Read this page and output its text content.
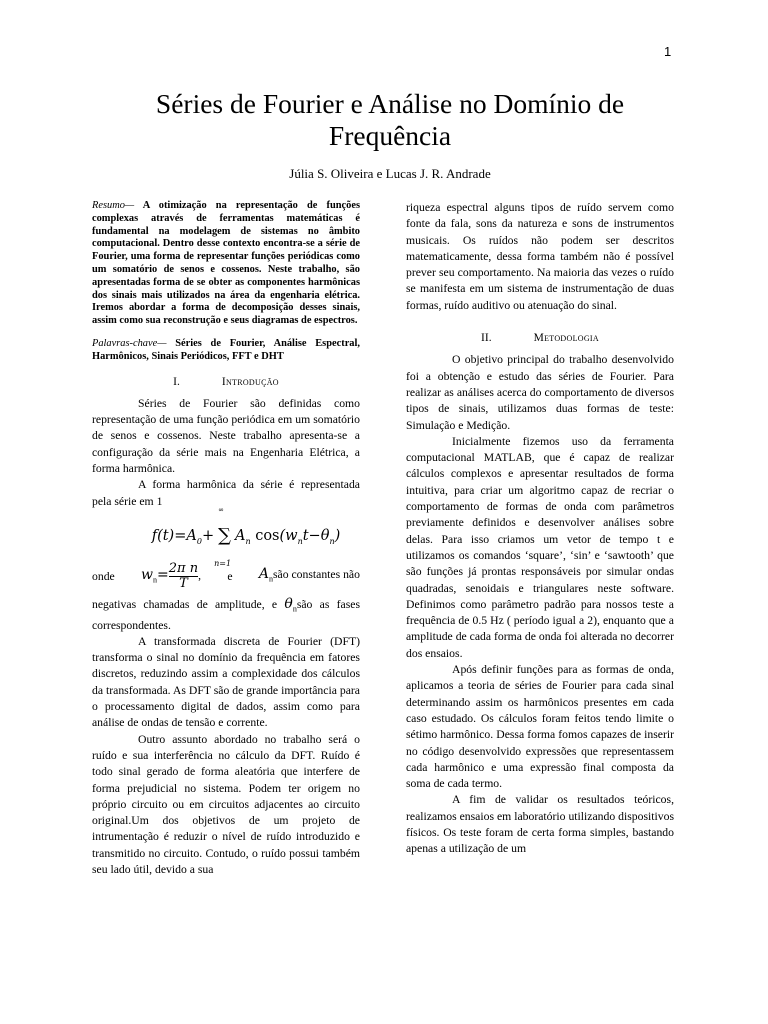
1
Séries de Fourier e Análise no Domínio de Frequência
Júlia S. Oliveira e Lucas J. R. Andrade

Resumo— A otimização na representação de funções complexas através de ferramentas matemáticas é fundamental na modelagem de sistemas no âmbito computacional. Dentro desse contexto encontra-se a série de Fourier, uma forma de representar funções periódicas como um somatório de senos e cossenos. Neste trabalho, são apresentadas forma de se obter as componentes harmônicas dos sinais mais utilizados na área da engenharia elétrica. Iremos abordar a forma de decomposição desses sinais, assim como sua reconstrução e seus diagramas de espectros.

Palavras-chave— Séries de Fourier, Análise Espectral, Harmônicos, Sinais Periódicos, FFT e DHT

I.	Introdução

Séries de Fourier são definidas como representação de uma função periódica em um somatório de senos e cossenos. Neste trabalho apresenta-se a configuração da série mais na Engenharia Elétrica, a forma harmônica.

A forma harmônica da série é representada pela série em 1

$f(t)=A_0+$
∞
∑
n=1
$A_n$ $\cos(w_nt-\theta_n)$
onde $w_n= \frac{\text{2π n}}{T}$ , e $A_nsão$ constantes não

negativas chamadas de amplitude, e $\theta_nsão$ as fases correspondentes.

A transformada discreta de Fourier (DFT) transforma o sinal no domínio da frequência em fatores discretos, reduzindo assim a complexidade dos cálculos da transformada. As DFT são de grande importância para o processamento digital de dados, assim como para análise de ondas de tensão e corrente.

Outro assunto abordado no trabalho será o ruído e sua interferência no cálculo da DFT. Ruído é todo sinal gerado de forma aleatória que interfere de forma prejudicial no sistema. Podem ter origem no próprio circuito ou em circuitos adjacentes ao circuito original.Um dos objetivos de um projeto de intrumentação é reduzir o nível de ruído introduzido e transmitido no circuito. Contudo, o ruído possui também seu lado útil, devido a sua

riqueza espectral alguns tipos de ruído servem como fonte da fala, sons da natureza e sons de instrumentos musicais. Os ruídos não podem ser descritos matematicamente, dessa forma também não é possível prever seu comportamento. Na maioria das vezes o ruído se manifesta em um sistema de instrumentação de duas formas, ruído auditivo ou atenuação do sinal.

II.	Metodologia

O objetivo principal do trabalho desenvolvido foi a obtenção e estudo das séries de Fourier. Para realizar as análises acerca do comportamento de diversos tipos de sinais, utilizamos duas formas de teste: Simulação e Medição.

Inicialmente fizemos uso da ferramenta computacional MATLAB, que é capaz de realizar cálculos complexos e apresentar resultados de forma intuitiva, para criar um algoritmo capaz de recriar o comportamento de formas de onda com parâmetros previamente definidos e desenvolver análises sobre delas. Para isso criamos um vetor de tempo t e utilizamos os comandos ‘square’, ‘sin’ e ‘sawtooth’ que são funções já prontas responsáveis por simular ondas quadradas, senoidais e triangulares neste software. Definimos como parâmetro padrão para nossos teste a frequência de 0.5 Hz ( período igual a 2), enquanto que a amplitude de cada forma de onda foi alterada no decorrer dos ensaios.

Após definir funções para as formas de onda, aplicamos a teoria de séries de Fourier para cada sinal determinando assim os harmônicos presentes em cada caso estudado. Os cálculos foram feitos tendo limite o sétimo harmônico. Dessa forma fomos capazes de inserir no código desenvolvido expressões que representassem cada harmônico e uma expressão final composta da soma de cada termo.

A fim de validar os resultados teóricos, realizamos ensaios em laboratório utilizando dispositivos físicos. Os teste foram de certa forma simples, bastando apenas a utilização de um
